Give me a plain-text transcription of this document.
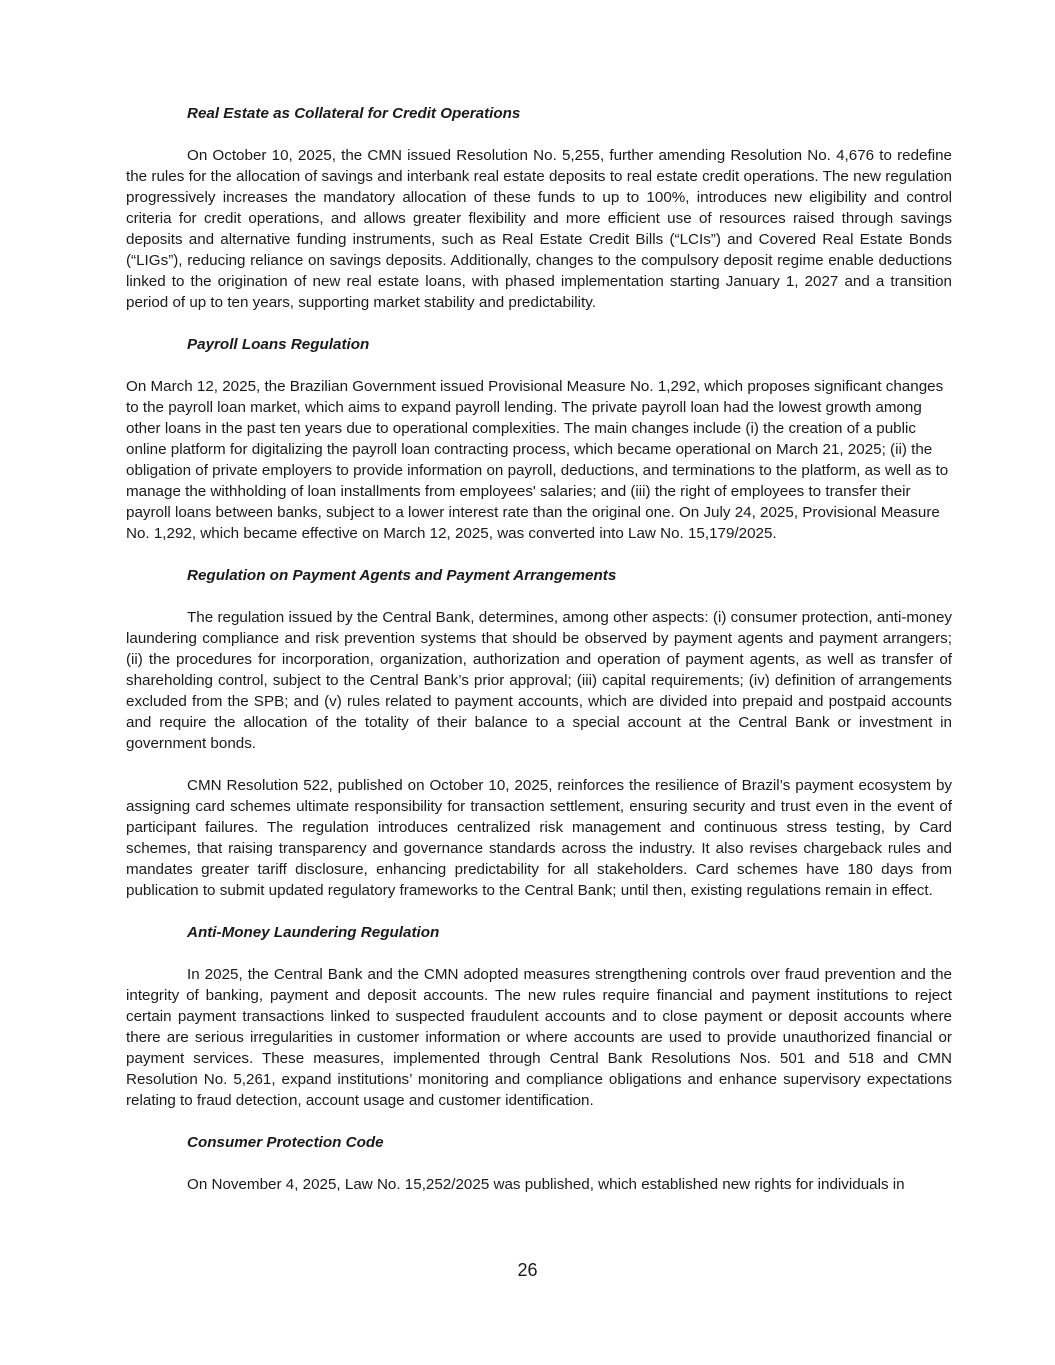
Real Estate as Collateral for Credit Operations

On October 10, 2025, the CMN issued Resolution No. 5,255, further amending Resolution No. 4,676 to redefine the rules for the allocation of savings and interbank real estate deposits to real estate credit operations. The new regulation progressively increases the mandatory allocation of these funds to up to 100%, introduces new eligibility and control criteria for credit operations, and allows greater flexibility and more efficient use of resources raised through savings deposits and alternative funding instruments, such as Real Estate Credit Bills (“LCIs”) and Covered Real Estate Bonds (“LIGs”), reducing reliance on savings deposits. Additionally, changes to the compulsory deposit regime enable deductions linked to the origination of new real estate loans, with phased implementation starting January 1, 2027 and a transition period of up to ten years, supporting market stability and predictability.

Payroll Loans Regulation

On March 12, 2025, the Brazilian Government issued Provisional Measure No. 1,292, which proposes significant changes to the payroll loan market, which aims to expand payroll lending. The private payroll loan had the lowest growth among other loans in the past ten years due to operational complexities. The main changes include (i) the creation of a public online platform for digitalizing the payroll loan contracting process, which became operational on March 21, 2025; (ii) the obligation of private employers to provide information on payroll, deductions, and terminations to the platform, as well as to manage the withholding of loan installments from employees' salaries; and (iii) the right of employees to transfer their payroll loans between banks, subject to a lower interest rate than the original one. On July 24, 2025, Provisional Measure No. 1,292, which became effective on March 12, 2025, was converted into Law No. 15,179/2025.

Regulation on Payment Agents and Payment Arrangements

The regulation issued by the Central Bank, determines, among other aspects: (i) consumer protection, anti-money laundering compliance and risk prevention systems that should be observed by payment agents and payment arrangers; (ii) the procedures for incorporation, organization, authorization and operation of payment agents, as well as transfer of shareholding control, subject to the Central Bank’s prior approval; (iii) capital requirements; (iv) definition of arrangements excluded from the SPB; and (v) rules related to payment accounts, which are divided into prepaid and postpaid accounts and require the allocation of the totality of their balance to a special account at the Central Bank or investment in government bonds.

CMN Resolution 522, published on October 10, 2025, reinforces the resilience of Brazil’s payment ecosystem by assigning card schemes ultimate responsibility for transaction settlement, ensuring security and trust even in the event of participant failures. The regulation introduces centralized risk management and continuous stress testing, by Card schemes, that raising transparency and governance standards across the industry. It also revises chargeback rules and mandates greater tariff disclosure, enhancing predictability for all stakeholders. Card schemes have 180 days from publication to submit updated regulatory frameworks to the Central Bank; until then, existing regulations remain in effect.

Anti-Money Laundering Regulation

In 2025, the Central Bank and the CMN adopted measures strengthening controls over fraud prevention and the integrity of banking, payment and deposit accounts. The new rules require financial and payment institutions to reject certain payment transactions linked to suspected fraudulent accounts and to close payment or deposit accounts where there are serious irregularities in customer information or where accounts are used to provide unauthorized financial or payment services. These measures, implemented through Central Bank Resolutions Nos. 501 and 518 and CMN Resolution No. 5,261, expand institutions’ monitoring and compliance obligations and enhance supervisory expectations relating to fraud detection, account usage and customer identification.

Consumer Protection Code

On November 4, 2025, Law No. 15,252/2025 was published, which established new rights for individuals in

26
